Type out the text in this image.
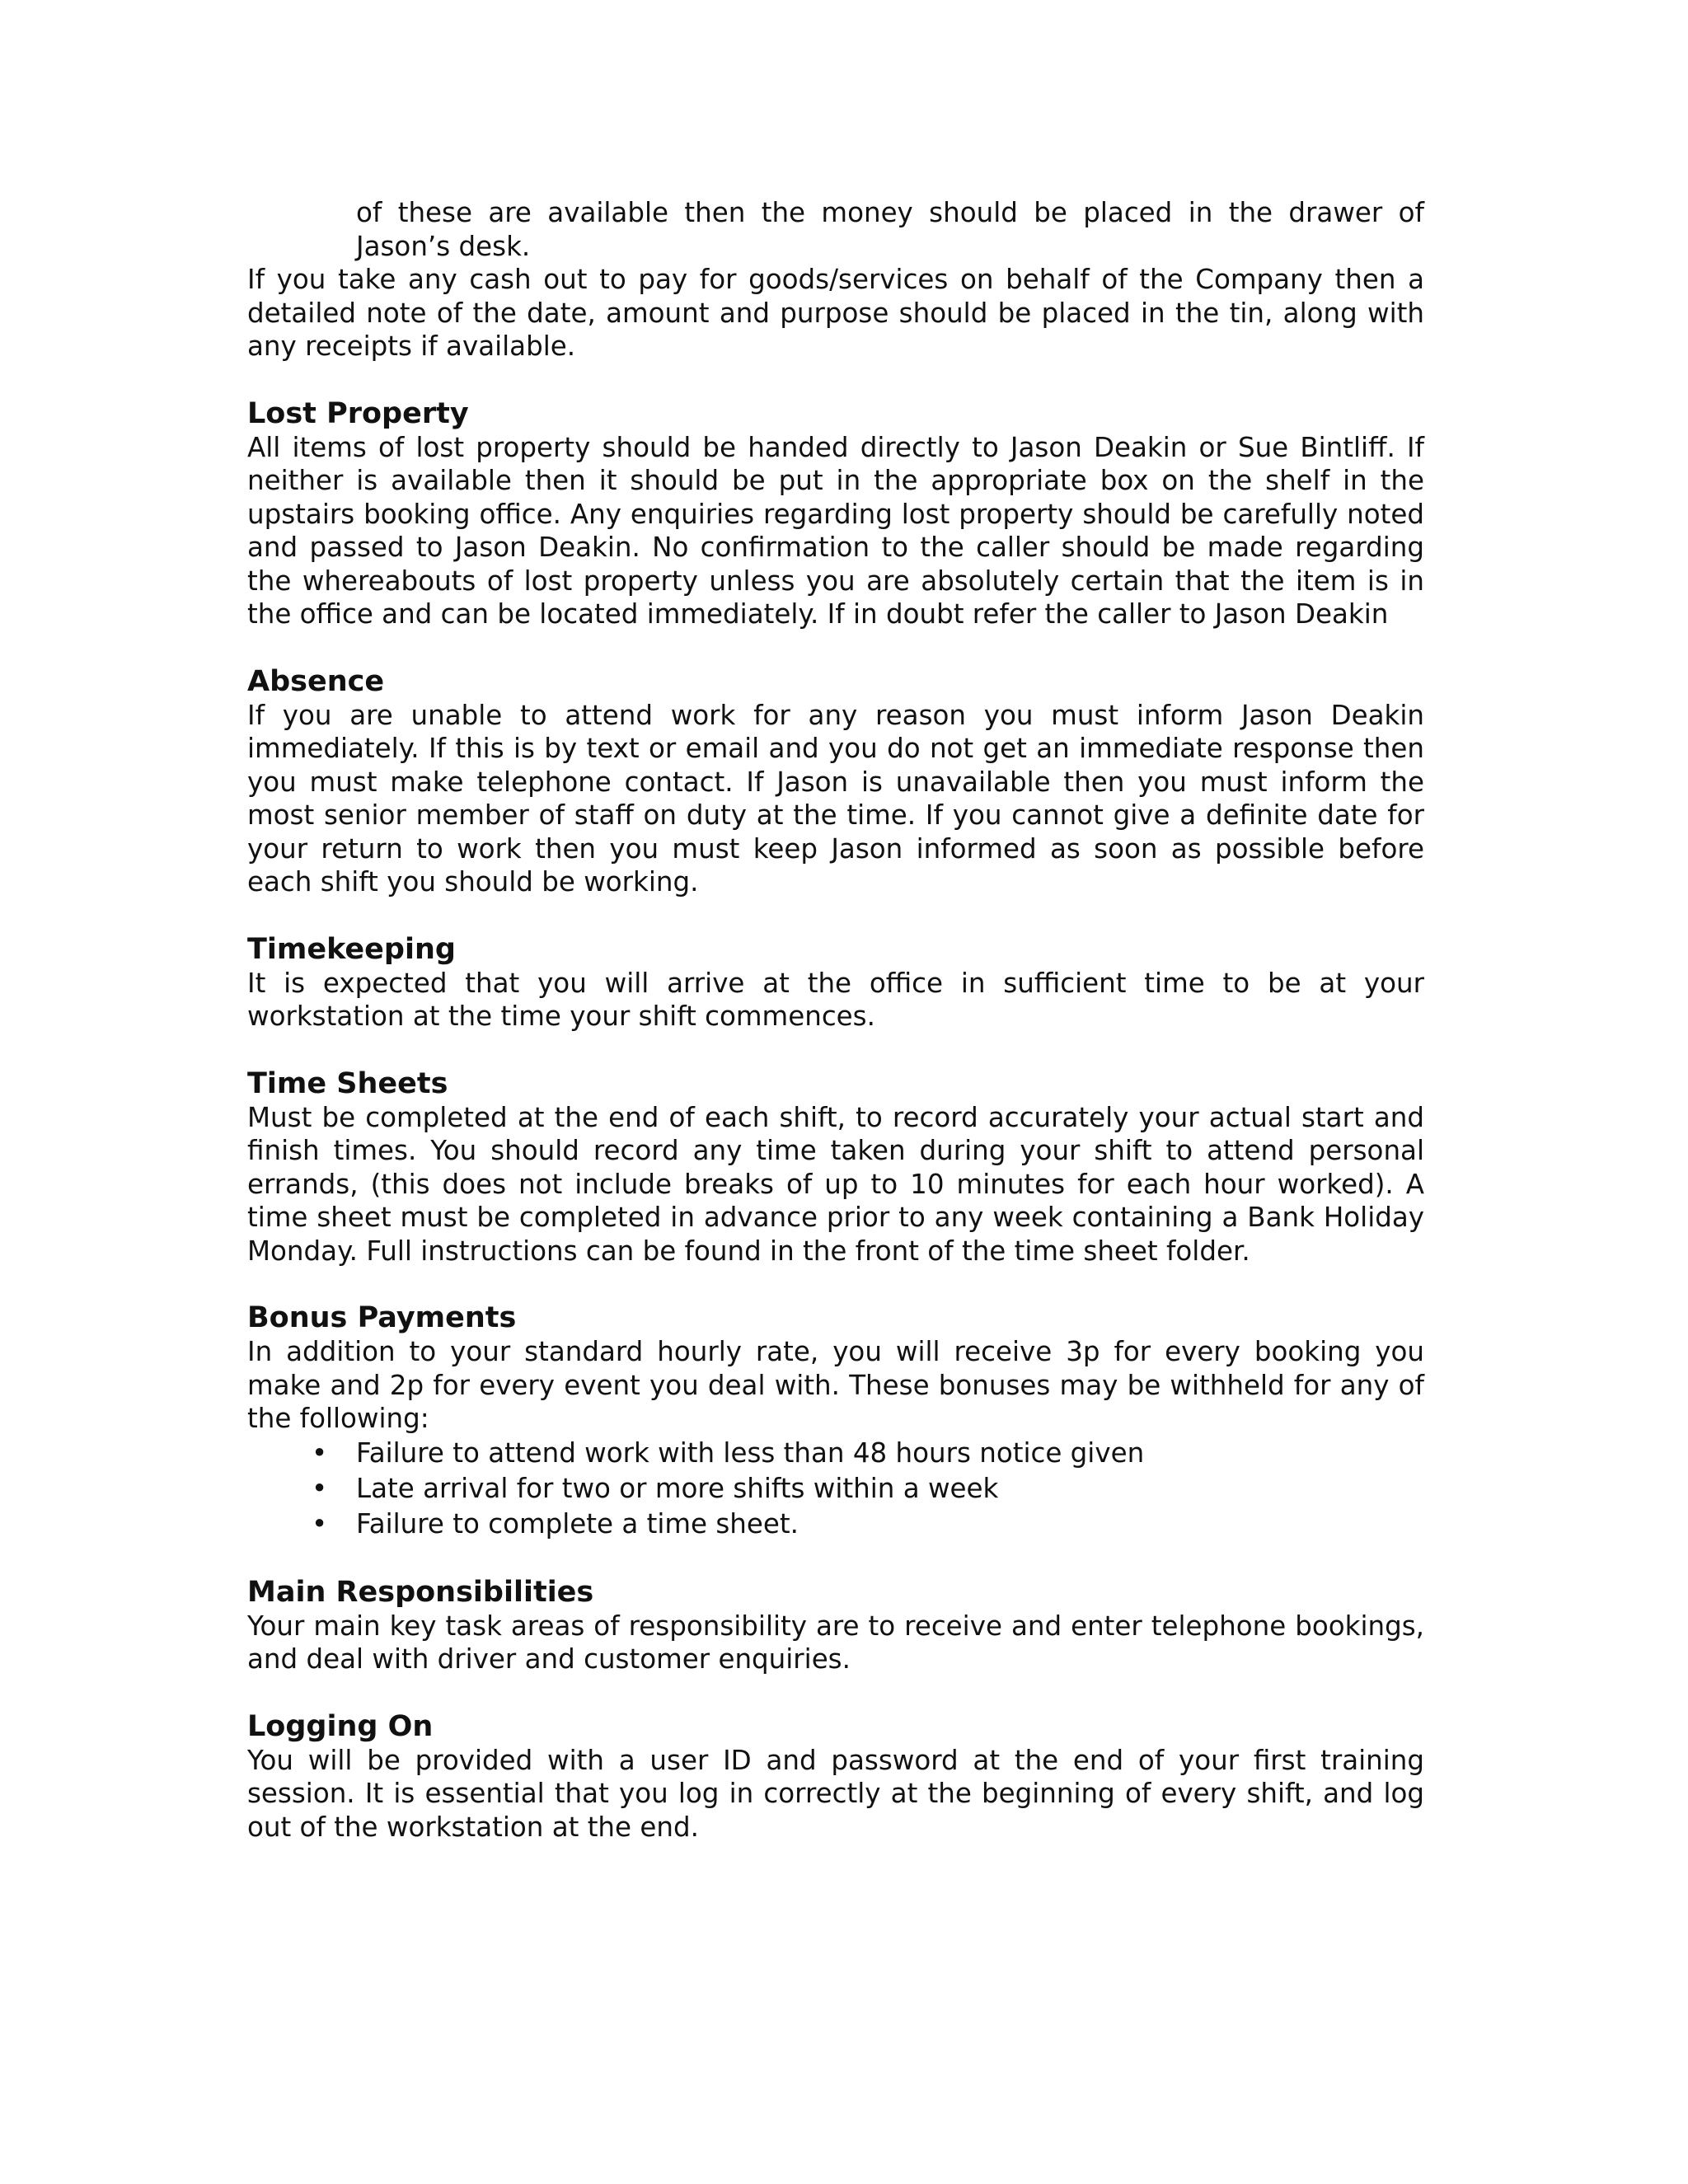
of these are available then the money should be placed in the drawer of Jason’s desk.

If you take any cash out to pay for goods/services on behalf of the Company then a detailed note of the date, amount and purpose should be placed in the tin, along with any receipts if available.

Lost Property

All items of lost property should be handed directly to Jason Deakin or Sue Bintliff. If neither is available then it should be put in the appropriate box on the shelf in the upstairs booking office. Any enquiries regarding lost property should be carefully noted and passed to Jason Deakin. No confirmation to the caller should be made regarding the whereabouts of lost property unless you are absolutely certain that the item is in the office and can be located immediately. If in doubt refer the caller to Jason Deakin

Absence

If you are unable to attend work for any reason you must inform Jason Deakin immediately. If this is by text or email and you do not get an immediate response then you must make telephone contact. If Jason is unavailable then you must inform the most senior member of staff on duty at the time. If you cannot give a definite date for your return to work then you must keep Jason informed as soon as possible before each shift you should be working.

Timekeeping

It is expected that you will arrive at the office in sufficient time to be at your workstation at the time your shift commences.

Time Sheets

Must be completed at the end of each shift, to record accurately your actual start and finish times. You should record any time taken during your shift to attend personal errands, (this does not include breaks of up to 10 minutes for each hour worked). A time sheet must be completed in advance prior to any week containing a Bank Holiday Monday. Full instructions can be found in the front of the time sheet folder.

Bonus Payments

In addition to your standard hourly rate, you will receive 3p for every booking you make and 2p for every event you deal with. These bonuses may be withheld for any of the following:

• Failure to attend work with less than 48 hours notice given
• Late arrival for two or more shifts within a week
• Failure to complete a time sheet.
Main Responsibilities

Your main key task areas of responsibility are to receive and enter telephone bookings, and deal with driver and customer enquiries.

Logging On

You will be provided with a user ID and password at the end of your first training session. It is essential that you log in correctly at the beginning of every shift, and log out of the workstation at the end.
